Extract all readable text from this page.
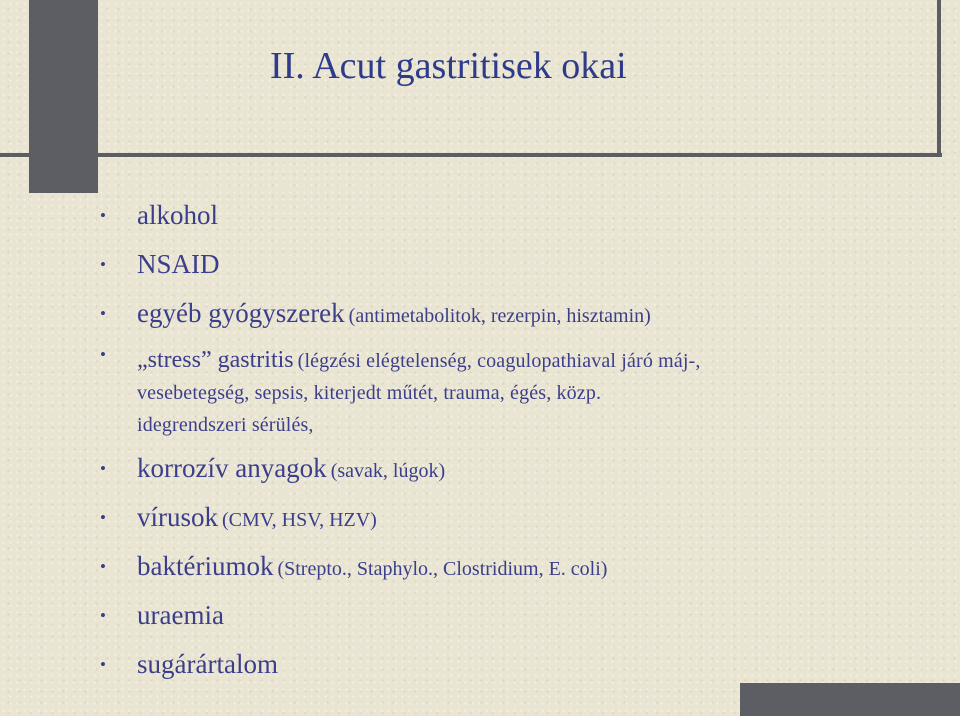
II. Acut gastritisek okai
• alkohol
• NSAID
• egyéb gyógyszerek (antimetabolitok, rezerpin, hisztamin)
• „stress” gastritis (légzési elégtelenség, coagulopathiaval járó máj-,
vesebetegség, sepsis, kiterjedt műtét, trauma, égés, közp.
idegrendszeri sérülés,
• korrozív anyagok (savak, lúgok)
• vírusok (CMV, HSV, HZV)
• baktériumok (Strepto., Staphylo., Clostridium, E. coli)
• uraemia
• sugárártalom
